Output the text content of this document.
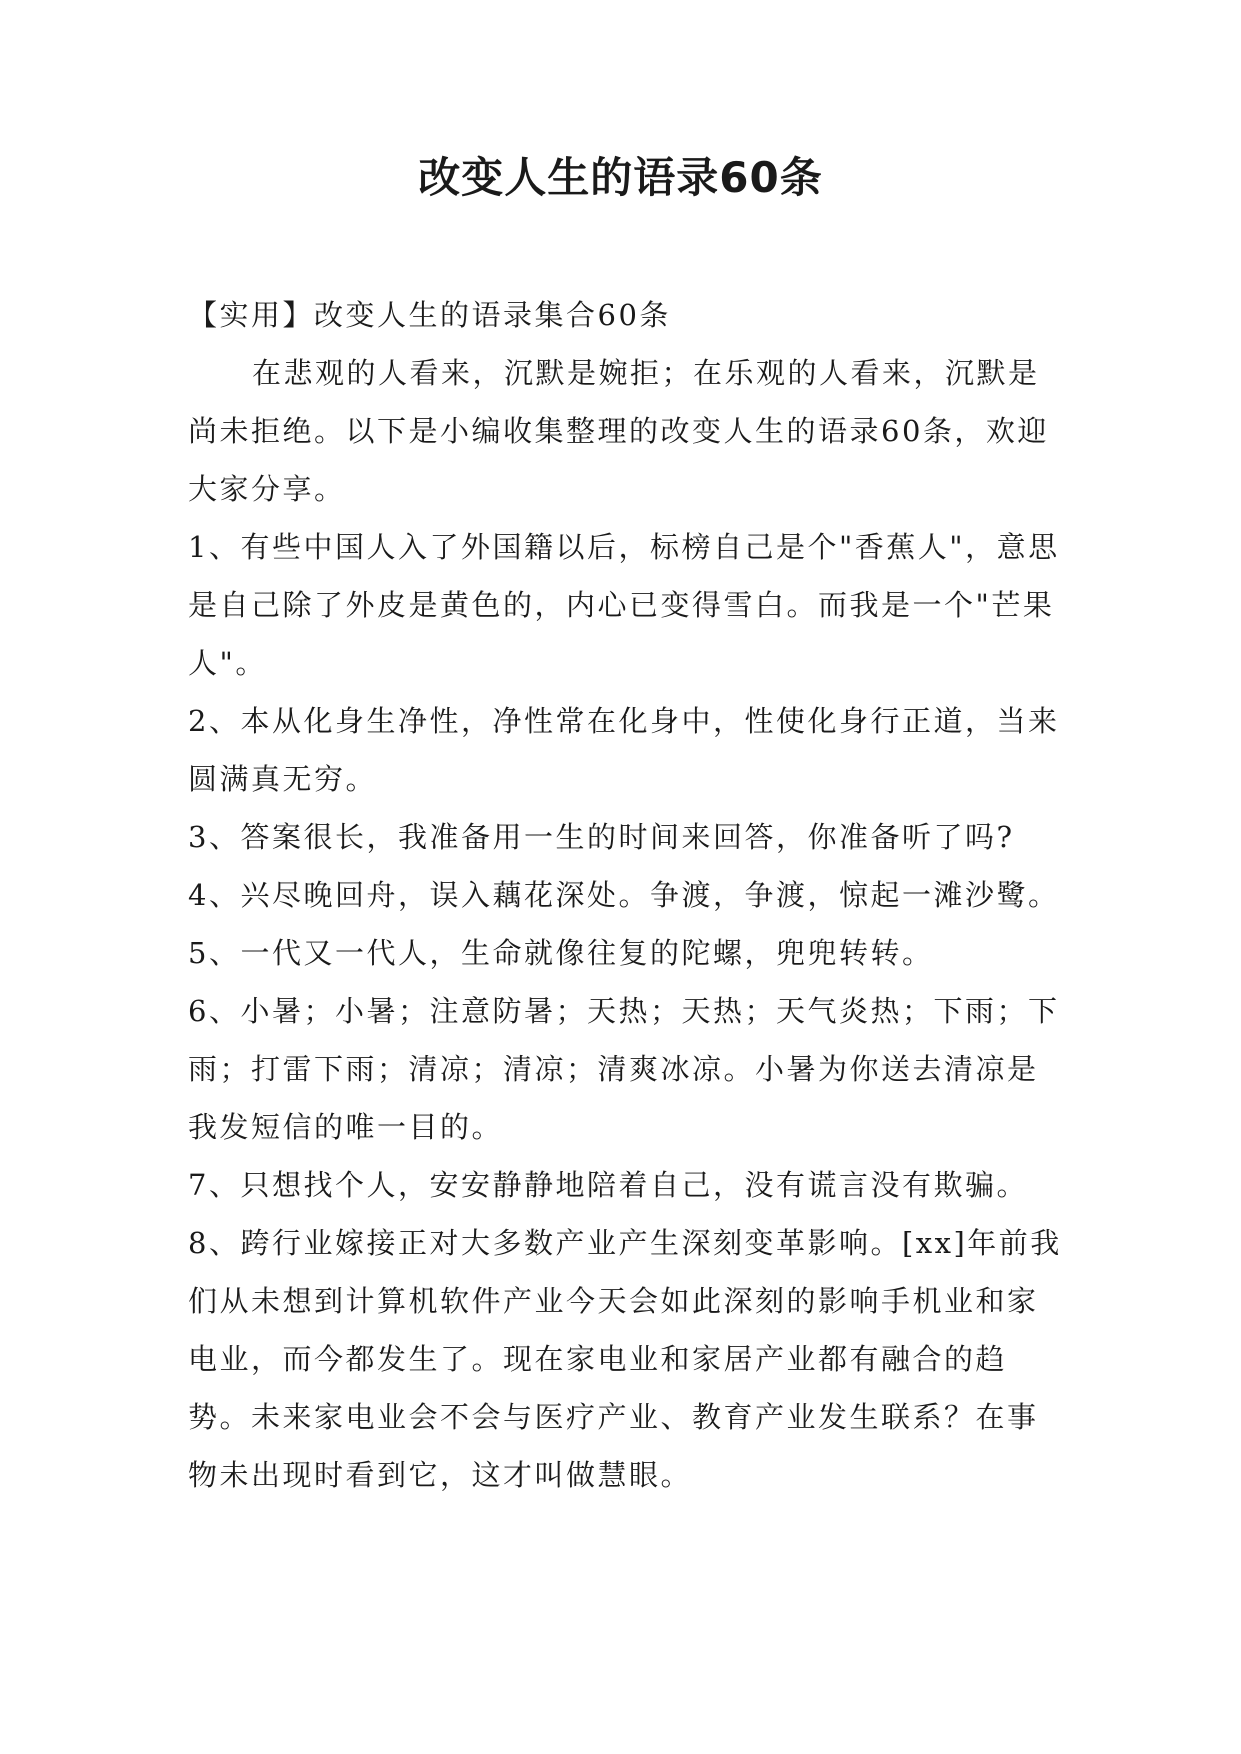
改变人生的语录60条

【实用】改变人生的语录集合60条

在悲观的人看来，沉默是婉拒；在乐观的人看来，沉默是尚未拒绝。以下是小编收集整理的改变人生的语录60条，欢迎大家分享。

1、有些中国人入了外国籍以后，标榜自己是个"香蕉人"，意思是自己除了外皮是黄色的，内心已变得雪白。而我是一个"芒果人"。

2、本从化身生净性，净性常在化身中，性使化身行正道，当来圆满真无穷。

3、答案很长，我准备用一生的时间来回答，你准备听了吗?

4、兴尽晚回舟，误入藕花深处。争渡，争渡，惊起一滩沙鹭。

5、一代又一代人，生命就像往复的陀螺，兜兜转转。

6、小暑；小暑；注意防暑；天热；天热；天气炎热；下雨；下雨；打雷下雨；清凉；清凉；清爽冰凉。小暑为你送去清凉是我发短信的唯一目的。

7、只想找个人，安安静静地陪着自己，没有谎言没有欺骗。

8、跨行业嫁接正对大多数产业产生深刻变革影响。[xx]年前我们从未想到计算机软件产业今天会如此深刻的影响手机业和家电业，而今都发生了。现在家电业和家居产业都有融合的趋势。未来家电业会不会与医疗产业、教育产业发生联系？在事物未出现时看到它，这才叫做慧眼。
